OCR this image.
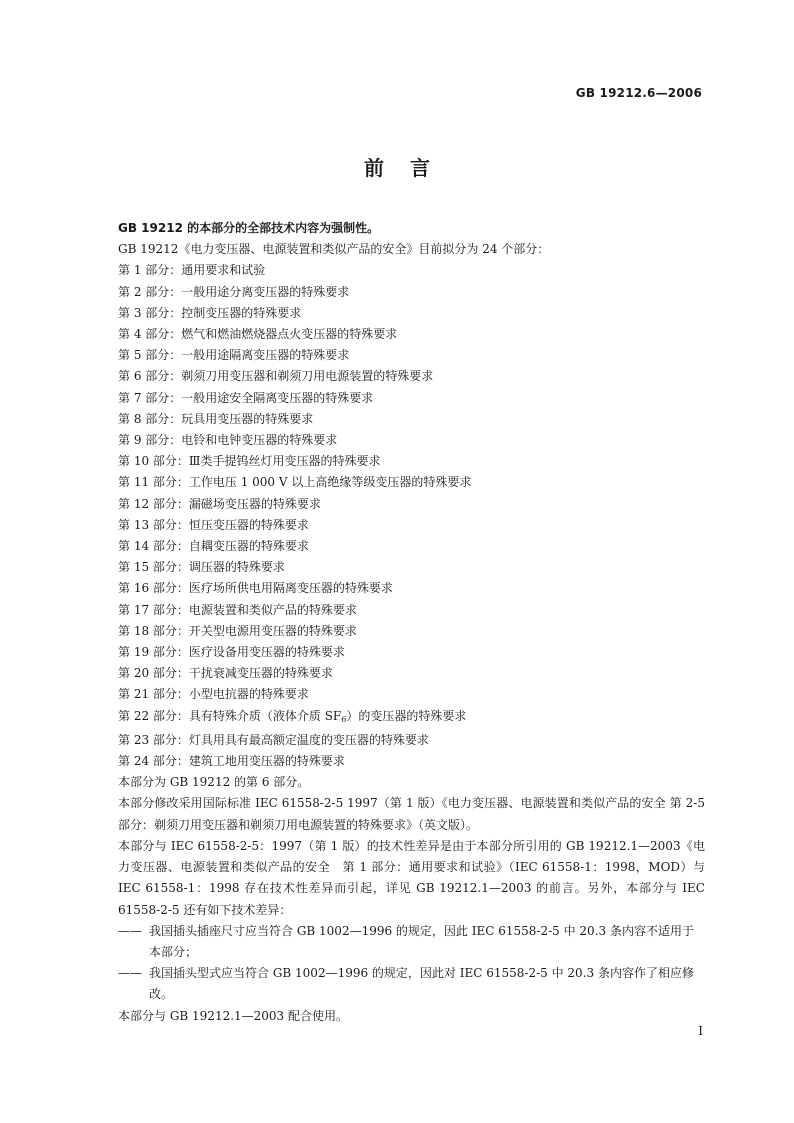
GB 19212.6—2006
前言
GB 19212 的本部分的全部技术内容为强制性。
GB 19212《电力变压器、电源装置和类似产品的安全》目前拟分为 24 个部分：
第 1 部分：通用要求和试验
第 2 部分：一般用途分离变压器的特殊要求
第 3 部分：控制变压器的特殊要求
第 4 部分：燃气和燃油燃烧器点火变压器的特殊要求
第 5 部分：一般用途隔离变压器的特殊要求
第 6 部分：剃须刀用变压器和剃须刀用电源装置的特殊要求
第 7 部分：一般用途安全隔离变压器的特殊要求
第 8 部分：玩具用变压器的特殊要求
第 9 部分：电铃和电钟变压器的特殊要求
第 10 部分：Ⅲ类手提钨丝灯用变压器的特殊要求
第 11 部分：工作电压 1 000 V 以上高绝缘等级变压器的特殊要求
第 12 部分：漏磁场变压器的特殊要求
第 13 部分：恒压变压器的特殊要求
第 14 部分：自耦变压器的特殊要求
第 15 部分：调压器的特殊要求
第 16 部分：医疗场所供电用隔离变压器的特殊要求
第 17 部分：电源装置和类似产品的特殊要求
第 18 部分：开关型电源用变压器的特殊要求
第 19 部分：医疗设备用变压器的特殊要求
第 20 部分：干扰衰减变压器的特殊要求
第 21 部分：小型电抗器的特殊要求
第 22 部分：具有特殊介质（液体介质 $SF_6$）的变压器的特殊要求
第 23 部分：灯具用具有最高额定温度的变压器的特殊要求
第 24 部分：建筑工地用变压器的特殊要求
本部分为 GB 19212 的第 6 部分。
本部分修改采用国际标准 IEC 61558-2-5 1997（第 1 版）《电力变压器、电源装置和类似产品的安全 第 2-5 部分：剃须刀用变压器和剃须刀用电源装置的特殊要求》（英文版）。
本部分与 IEC 61558-2-5：1997（第 1 版）的技术性差异是由于本部分所引用的 GB 19212.1—2003《电力变压器、电源装置和类似产品的安全　第 1 部分：通用要求和试验》（IEC 61558-1：1998，MOD）与 IEC 61558-1：1998 存在技术性差异而引起，详见 GB 19212.1—2003 的前言。另外，本部分与 IEC 61558-2-5 还有如下技术差异：
—— 我国插头插座尺寸应当符合 GB 1002—1996 的规定，因此 IEC 61558-2-5 中 20.3 条内容不适用于本部分；
—— 我国插头型式应当符合 GB 1002—1996 的规定，因此对 IEC 61558-2-5 中 20.3 条内容作了相应修改。
本部分与 GB 19212.1—2003 配合使用。
I
